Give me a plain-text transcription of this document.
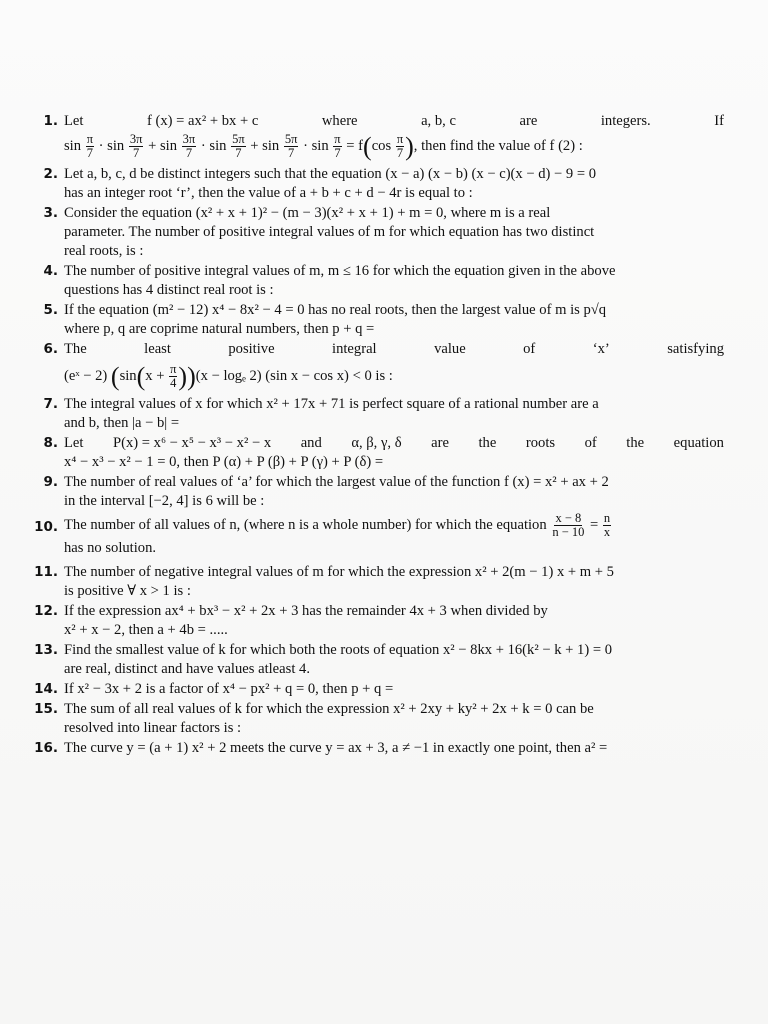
1. Let	f (x) = ax² + bx + c	where	a, b, c	are	integers.	If
$\sin \frac{\pi}{7} \cdot \sin \frac{3\pi}{7} + \sin \frac{3\pi}{7} \cdot \sin \frac{5\pi}{7} + \sin \frac{5\pi}{7} \cdot \sin \frac{\pi}{7} = f(\cos \frac{\pi}{7}$ ), then find the value of f (2) :
2. Let a, b, c, d be distinct integers such that the equation (x − a) (x − b) (x − c)(x − d) − 9 = 0
has an integer root ‘r’, then the value of a + b + c + d − 4r is equal to :
3. Consider the equation (x² + x + 1)² − (m − 3)(x² + x + 1) + m = 0, where m is a real
parameter. The number of positive integral values of m for which equation has two distinct
real roots, is :
4. The number of positive integral values of m, m ≤ 16 for which the equation given in the above
questions has 4 distinct real root is :
5. If the equation (m² − 12) x⁴ − 8x² − 4 = 0 has no real roots, then the largest value of m is p√q
where p, q are coprime natural numbers, then p + q =
6. The	least	positive	integral	value	of	‘x’	satisfying
(eˣ − 2) $(\sin(x + \frac{\pi}{4} ))(x - \log_e$ 2) (sin x − cos x) < 0 is :
7. The integral values of x for which x² + 17x + 71 is perfect square of a rational number are a
and b, then |a − b| =
8. Let P(x) = x⁶ − x⁵ − x³ − x² − x and α, β, γ, δ are the roots of the equation
x⁴ − x³ − x² − 1 = 0, then P (α) + P (β) + P (γ) + P (δ) =
9. The number of real values of ‘a’ for which the largest value of the function f (x) = x² + ax + 2
in the interval [−2, 4] is 6 will be :
10. The number of all values of n, (where n is a whole number) for which the equation $\frac{x - 8}{n - 10} = \frac{n}{x}$
has no solution.
11. The number of negative integral values of m for which the expression x² + 2(m − 1) x + m + 5
is positive ∀ x > 1 is :
12. If the expression ax⁴ + bx³ − x² + 2x + 3 has the remainder 4x + 3 when divided by
x² + x − 2, then a + 4b = .....
13. Find the smallest value of k for which both the roots of equation x² − 8kx + 16(k² − k + 1) = 0
are real, distinct and have values atleast 4.
14. If x² − 3x + 2 is a factor of x⁴ − px² + q = 0, then p + q =
15. The sum of all real values of k for which the expression x² + 2xy + ky² + 2x + k = 0 can be
resolved into linear factors is :
16. The curve y = (a + 1) x² + 2 meets the curve y = ax + 3, a ≠ −1 in exactly one point, then a² =
